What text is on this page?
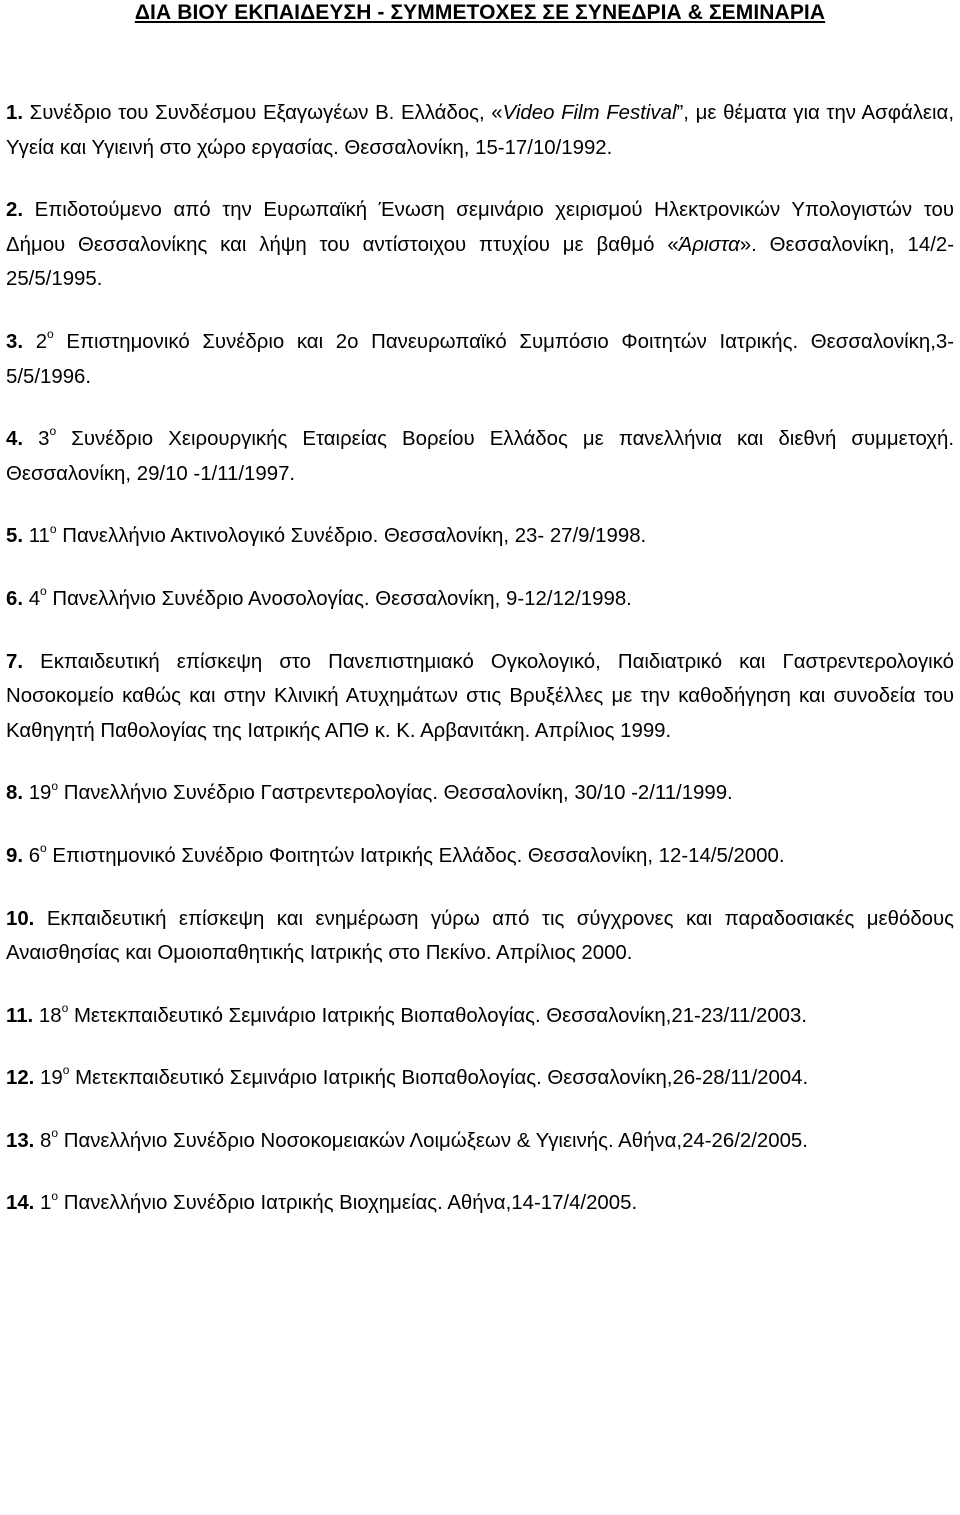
ΔΙΑ ΒΙΟΥ ΕΚΠΑΙΔΕΥΣΗ - ΣΥΜΜΕΤΟΧΕΣ ΣΕ ΣΥΝΕΔΡΙΑ & ΣΕΜΙΝΑΡΙΑ

1. Συνέδριο του Συνδέσμου Εξαγωγέων Β. Ελλάδος, «Video Film Festival”, με θέματα για την Ασφάλεια, Υγεία και Υγιεινή στο χώρο εργασίας. Θεσσαλονίκη, 15-17/10/1992.

2. Επιδοτούμενο από την Ευρωπαϊκή Ένωση σεμινάριο χειρισμού Ηλεκτρονικών Υπολογιστών του Δήμου Θεσσαλονίκης και λήψη του αντίστοιχου πτυχίου με βαθμό «Άριστα». Θεσσαλονίκη, 14/2-25/5/1995.

3. $2^o$ Επιστημονικό Συνέδριο και 2ο Πανευρωπαϊκό Συμπόσιο Φοιτητών Ιατρικής. Θεσσαλονίκη,3-5/5/1996.

4. $3^o$ Συνέδριο Χειρουργικής Εταιρείας Βορείου Ελλάδος με πανελλήνια και διεθνή συμμετοχή. Θεσσαλονίκη, 29/10 -1/11/1997.

5. $11^o$ Πανελλήνιο Ακτινολογικό Συνέδριο. Θεσσαλονίκη, 23- 27/9/1998.

6. $4^o$ Πανελλήνιο Συνέδριο Ανοσολογίας. Θεσσαλονίκη, 9-12/12/1998.

7. Εκπαιδευτική επίσκεψη στο Πανεπιστημιακό Ογκολογικό, Παιδιατρικό και Γαστρεντερολογικό Νοσοκομείο καθώς και στην Κλινική Ατυχημάτων στις Βρυξέλλες με την καθοδήγηση και συνοδεία του Καθηγητή Παθολογίας της Ιατρικής ΑΠΘ κ. Κ. Αρβανιτάκη. Απρίλιος 1999.

8. $19^o$ Πανελλήνιο Συνέδριο Γαστρεντερολογίας. Θεσσαλονίκη, 30/10 -2/11/1999.

9. $6^o$ Επιστημονικό Συνέδριο Φοιτητών Ιατρικής Ελλάδος. Θεσσαλονίκη, 12-14/5/2000.

10. Εκπαιδευτική επίσκεψη και ενημέρωση γύρω από τις σύγχρονες και παραδοσιακές μεθόδους Αναισθησίας και Ομοιοπαθητικής Ιατρικής στο Πεκίνο. Απρίλιος 2000.

11. $18^o$ Μετεκπαιδευτικό Σεμινάριο Ιατρικής Βιοπαθολογίας. Θεσσαλονίκη,21-23/11/2003.

12. $19^o$ Μετεκπαιδευτικό Σεμινάριο Ιατρικής Βιοπαθολογίας. Θεσσαλονίκη,26-28/11/2004.

13. $8^o$ Πανελλήνιο Συνέδριο Νοσοκομειακών Λοιμώξεων & Υγιεινής. Αθήνα,24-26/2/2005.

14. $1^o$ Πανελλήνιο Συνέδριο Ιατρικής Βιοχημείας. Αθήνα,14-17/4/2005.
